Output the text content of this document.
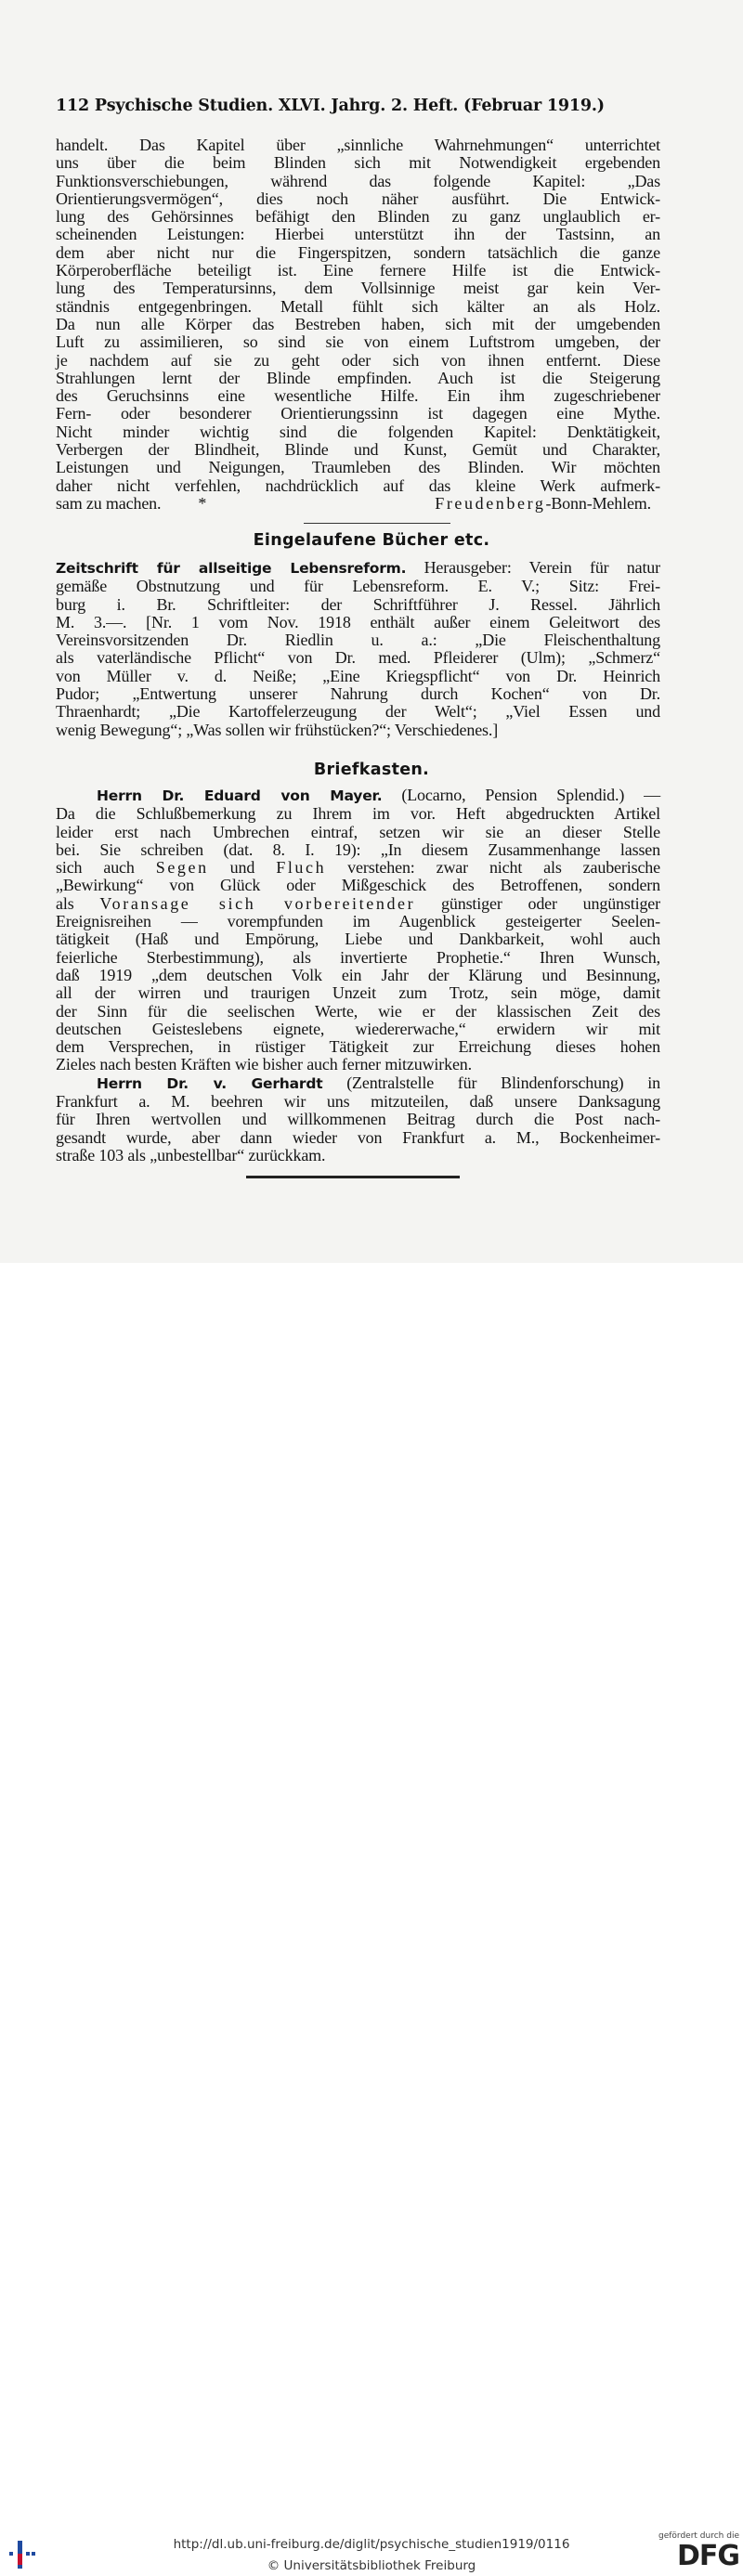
112 Psychische Studien. XLVI. Jahrg. 2. Heft. (Februar 1919.)

handelt. Das Kapitel über „sinnliche Wahrnehmungen“ unterrichtet

uns über die beim Blinden sich mit Notwendigkeit ergebenden

Funktionsverschiebungen, während das folgende Kapitel: „Das

Orientierungsvermögen“, dies noch näher ausführt. Die Entwick-

lung des Gehörsinnes befähigt den Blinden zu ganz unglaublich er-

scheinenden Leistungen: Hierbei unterstützt ihn der Tastsinn, an

dem aber nicht nur die Fingerspitzen, sondern tatsächlich die ganze

Körperoberfläche beteiligt ist. Eine fernere Hilfe ist die Entwick-

lung des Temperatursinns, dem Vollsinnige meist gar kein Ver-

ständnis entgegenbringen. Metall fühlt sich kälter an als Holz.

Da nun alle Körper das Bestreben haben, sich mit der umgebenden

Luft zu assimilieren, so sind sie von einem Luftstrom umgeben, der

je nachdem auf sie zu geht oder sich von ihnen entfernt. Diese

Strahlungen lernt der Blinde empfinden. Auch ist die Steigerung

des Geruchsinns eine wesentliche Hilfe. Ein ihm zugeschriebener

Fern- oder besonderer Orientierungssinn ist dagegen eine Mythe.

Nicht minder wichtig sind die folgenden Kapitel: Denktätigkeit,

Verbergen der Blindheit, Blinde und Kunst, Gemüt und Charakter,

Leistungen und Neigungen, Traumleben des Blinden. Wir möchten

daher nicht verfehlen, nachdrücklich auf das kleine Werk aufmerk-

sam zu machen. *	Freudenberg-Bonn-Mehlem.

Eingelaufene Bücher etc.

Zeitschrift für allseitige Lebensreform. Herausgeber: Verein für natur

gemäße Obstnutzung und für Lebensreform. E. V.; Sitz: Frei-

burg i. Br. Schriftleiter: der Schriftführer J. Ressel. Jährlich

M. 3.—. [Nr. 1 vom Nov. 1918 enthält außer einem Geleitwort des

Vereinsvorsitzenden Dr. Riedlin u. a.: „Die Fleischenthaltung

als vaterländische Pflicht“ von Dr. med. Pfleiderer (Ulm); „Schmerz“

von Müller v. d. Neiße; „Eine Kriegspflicht“ von Dr. Heinrich

Pudor; „Entwertung unserer Nahrung durch Kochen“ von Dr.

Thraenhardt; „Die Kartoffelerzeugung der Welt“; „Viel Essen und

wenig Bewegung“; „Was sollen wir frühstücken?“; Verschiedenes.]

Briefkasten.

Herrn Dr. Eduard von Mayer. (Locarno, Pension Splendid.) —

Da die Schlußbemerkung zu Ihrem im vor. Heft abgedruckten Artikel

leider erst nach Umbrechen eintraf, setzen wir sie an dieser Stelle

bei. Sie schreiben (dat. 8. I. 19): „In diesem Zusammenhange lassen

sich auch Segen und Fluch verstehen: zwar nicht als zauberische

„Bewirkung“ von Glück oder Mißgeschick des Betroffenen, sondern

als Voransage sich vorbereitender günstiger oder ungünstiger

Ereignisreihen — vorempfunden im Augenblick gesteigerter Seelen-

tätigkeit (Haß und Empörung, Liebe und Dankbarkeit, wohl auch

feierliche Sterbestimmung), als invertierte Prophetie.“ Ihren Wunsch,

daß 1919 „dem deutschen Volk ein Jahr der Klärung und Besinnung,

all der wirren und traurigen Unzeit zum Trotz, sein möge, damit

der Sinn für die seelischen Werte, wie er der klassischen Zeit des

deutschen Geisteslebens eignete, wiedererwache,“ erwidern wir mit

dem Versprechen, in rüstiger Tätigkeit zur Erreichung dieses hohen

Zieles nach besten Kräften wie bisher auch ferner mitzuwirken.

Herrn Dr. v. Gerhardt (Zentralstelle für Blindenforschung) in

Frankfurt a. M. beehren wir uns mitzuteilen, daß unsere Danksagung

für Ihren wertvollen und willkommenen Beitrag durch die Post nach-

gesandt wurde, aber dann wieder von Frankfurt a. M., Bockenheimer-

straße 103 als „unbestellbar“ zurückkam.

http://dl.ub.uni-freiburg.de/diglit/psychische_studien1919/0116
© Universitätsbibliothek Freiburg
gefördert durch die
DFG
